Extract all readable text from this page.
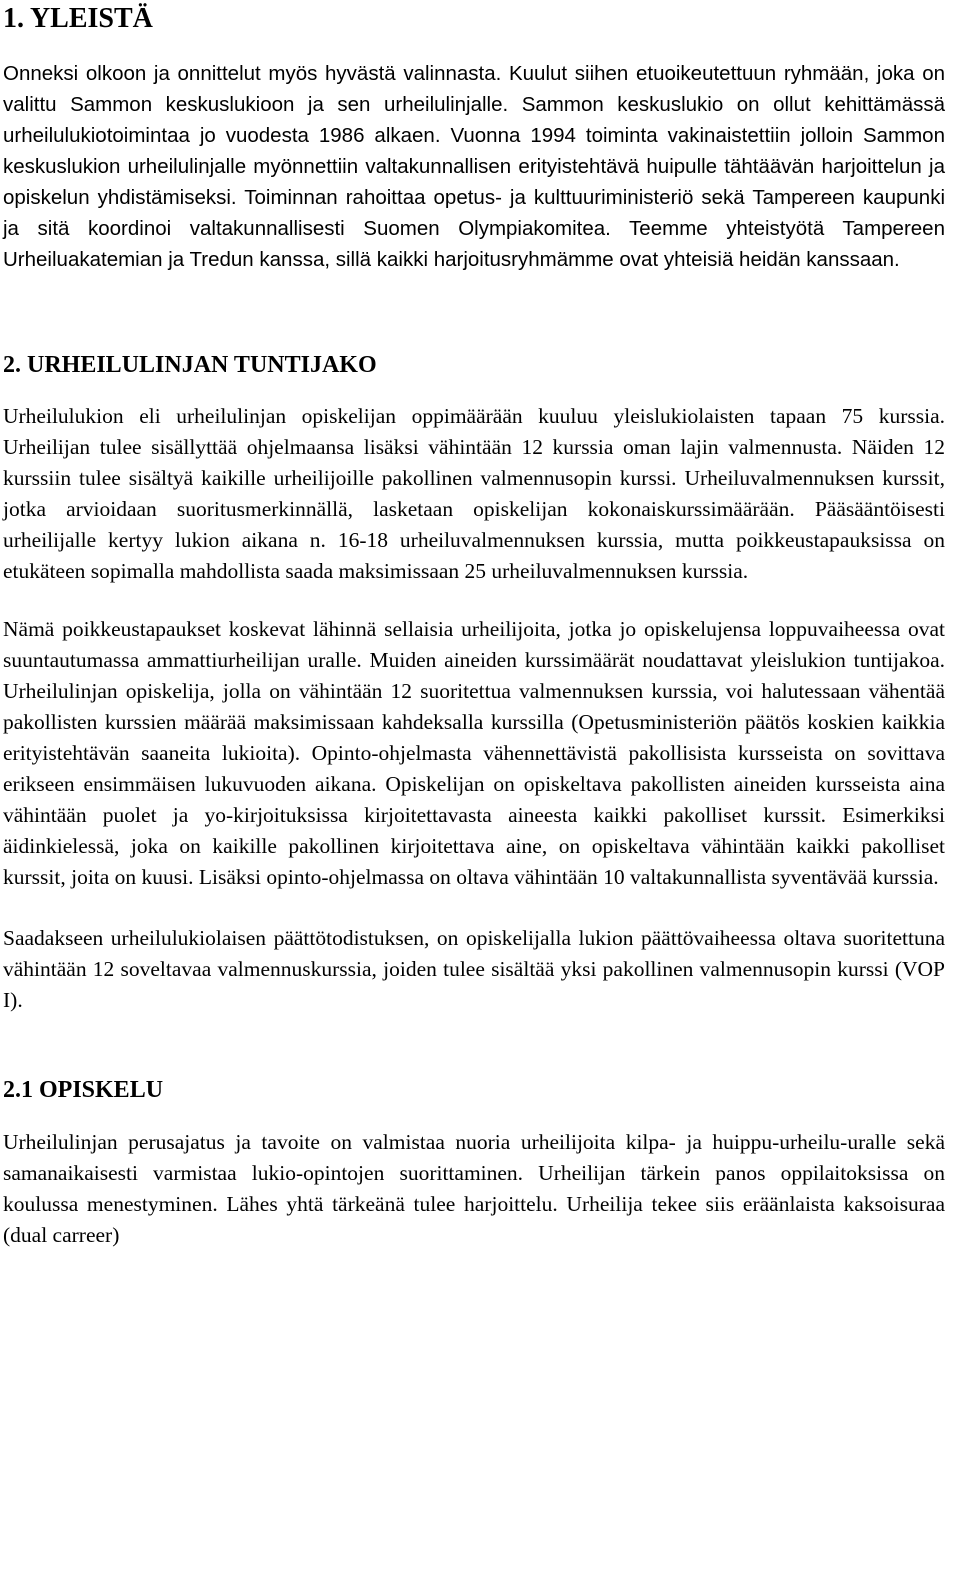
1. YLEISTÄ

Onneksi olkoon ja onnittelut myös hyvästä valinnasta. Kuulut siihen etuoikeutettuun ryhmään, joka on valittu Sammon keskuslukioon ja sen urheilulinjalle. Sammon keskuslukio on ollut kehittämässä urheilulukiotoimintaa jo vuodesta 1986 alkaen. Vuonna 1994 toiminta vakinaistettiin jolloin Sammon keskuslukion urheilulinjalle myönnettiin valtakunnallisen erityistehtävä huipulle tähtäävän harjoittelun ja opiskelun yhdistämiseksi. Toiminnan rahoittaa opetus- ja kulttuuriministeriö sekä Tampereen kaupunki ja sitä koordinoi valtakunnallisesti Suomen Olympiakomitea. Teemme yhteistyötä Tampereen Urheiluakatemian ja Tredun kanssa, sillä kaikki harjoitusryhmämme ovat yhteisiä heidän kanssaan.

2. URHEILULINJAN TUNTIJAKO

Urheilulukion eli urheilulinjan opiskelijan oppimäärään kuuluu yleislukiolaisten tapaan 75 kurssia. Urheilijan tulee sisällyttää ohjelmaansa lisäksi vähintään 12 kurssia oman lajin valmennusta. Näiden 12 kurssiin tulee sisältyä kaikille urheilijoille pakollinen valmennusopin kurssi. Urheiluvalmennuksen kurssit, jotka arvioidaan suoritusmerkinnällä, lasketaan opiskelijan kokonaiskurssimäärään. Pääsääntöisesti urheilijalle kertyy lukion aikana n. 16-18 urheiluvalmennuksen kurssia, mutta poikkeustapauksissa on etukäteen sopimalla mahdollista saada maksimissaan 25 urheiluvalmennuksen kurssia.

Nämä poikkeustapaukset koskevat lähinnä sellaisia urheilijoita, jotka jo opiskelujensa loppuvaiheessa ovat suuntautumassa ammattiurheilijan uralle. Muiden aineiden kurssimäärät noudattavat yleislukion tuntijakoa. Urheilulinjan opiskelija, jolla on vähintään 12 suoritettua valmennuksen kurssia, voi halutessaan vähentää pakollisten kurssien määrää maksimissaan kahdeksalla kurssilla (Opetusministeriön päätös koskien kaikkia erityistehtävän saaneita lukioita). Opinto-ohjelmasta vähennettävistä pakollisista kursseista on sovittava erikseen ensimmäisen lukuvuoden aikana. Opiskelijan on opiskeltava pakollisten aineiden kursseista aina vähintään puolet ja yo-kirjoituksissa kirjoitettavasta aineesta kaikki pakolliset kurssit. Esimerkiksi äidinkielessä, joka on kaikille pakollinen kirjoitettava aine, on opiskeltava vähintään kaikki pakolliset kurssit, joita on kuusi. Lisäksi opinto-ohjelmassa on oltava vähintään 10 valtakunnallista syventävää kurssia.

Saadakseen urheilulukiolaisen päättötodistuksen, on opiskelijalla lukion päättövaiheessa oltava suoritettuna vähintään 12 soveltavaa valmennuskurssia, joiden tulee sisältää yksi pakollinen valmennusopin kurssi (VOP I).

2.1 OPISKELU

Urheilulinjan perusajatus ja tavoite on valmistaa nuoria urheilijoita kilpa- ja huippu-urheilu-uralle sekä samanaikaisesti varmistaa lukio-opintojen suorittaminen. Urheilijan tärkein panos oppilaitoksissa on koulussa menestyminen. Lähes yhtä tärkeänä tulee harjoittelu. Urheilija tekee siis eräänlaista kaksoisuraa (dual carreer)
